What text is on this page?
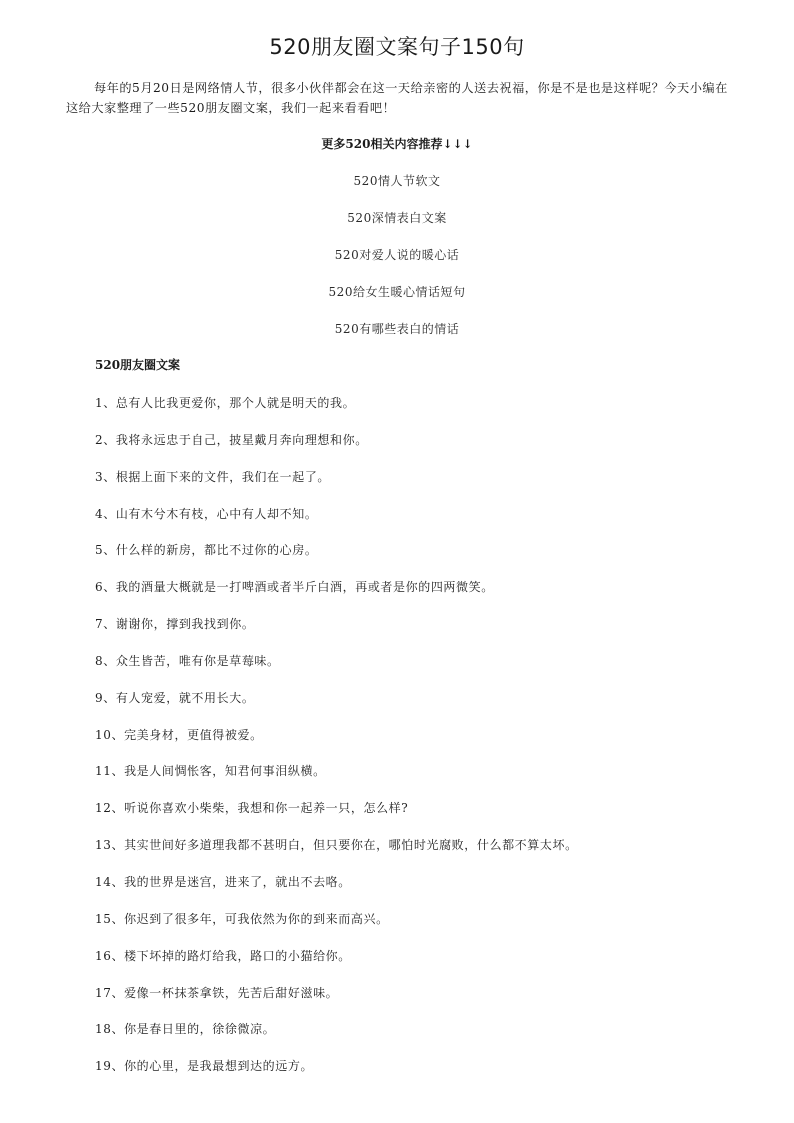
520朋友圈文案句子150句

每年的5月20日是网络情人节，很多小伙伴都会在这一天给亲密的人送去祝福，你是不是也是这样呢？今天小编在这给大家整理了一些520朋友圈文案，我们一起来看看吧！

更多520相关内容推荐↓↓↓

520情人节软文
520深情表白文案
520对爱人说的暖心话
520给女生暖心情话短句
520有哪些表白的情话

520朋友圈文案

1、总有人比我更爱你，那个人就是明天的我。
2、我将永远忠于自己，披星戴月奔向理想和你。
3、根据上面下来的文件，我们在一起了。
4、山有木兮木有枝，心中有人却不知。
5、什么样的新房，都比不过你的心房。
6、我的酒量大概就是一打啤酒或者半斤白酒，再或者是你的四两微笑。
7、谢谢你，撑到我找到你。
8、众生皆苦，唯有你是草莓味。
9、有人宠爱，就不用长大。
10、完美身材，更值得被爱。
11、我是人间惆怅客，知君何事泪纵横。
12、听说你喜欢小柴柴，我想和你一起养一只，怎么样?
13、其实世间好多道理我都不甚明白，但只要你在，哪怕时光腐败，什么都不算太坏。
14、我的世界是迷宫，进来了，就出不去咯。
15、你迟到了很多年，可我依然为你的到来而高兴。
16、楼下坏掉的路灯给我，路口的小猫给你。
17、爱像一杯抹茶拿铁，先苦后甜好滋味。
18、你是春日里的，徐徐微凉。
19、你的心里，是我最想到达的远方。
